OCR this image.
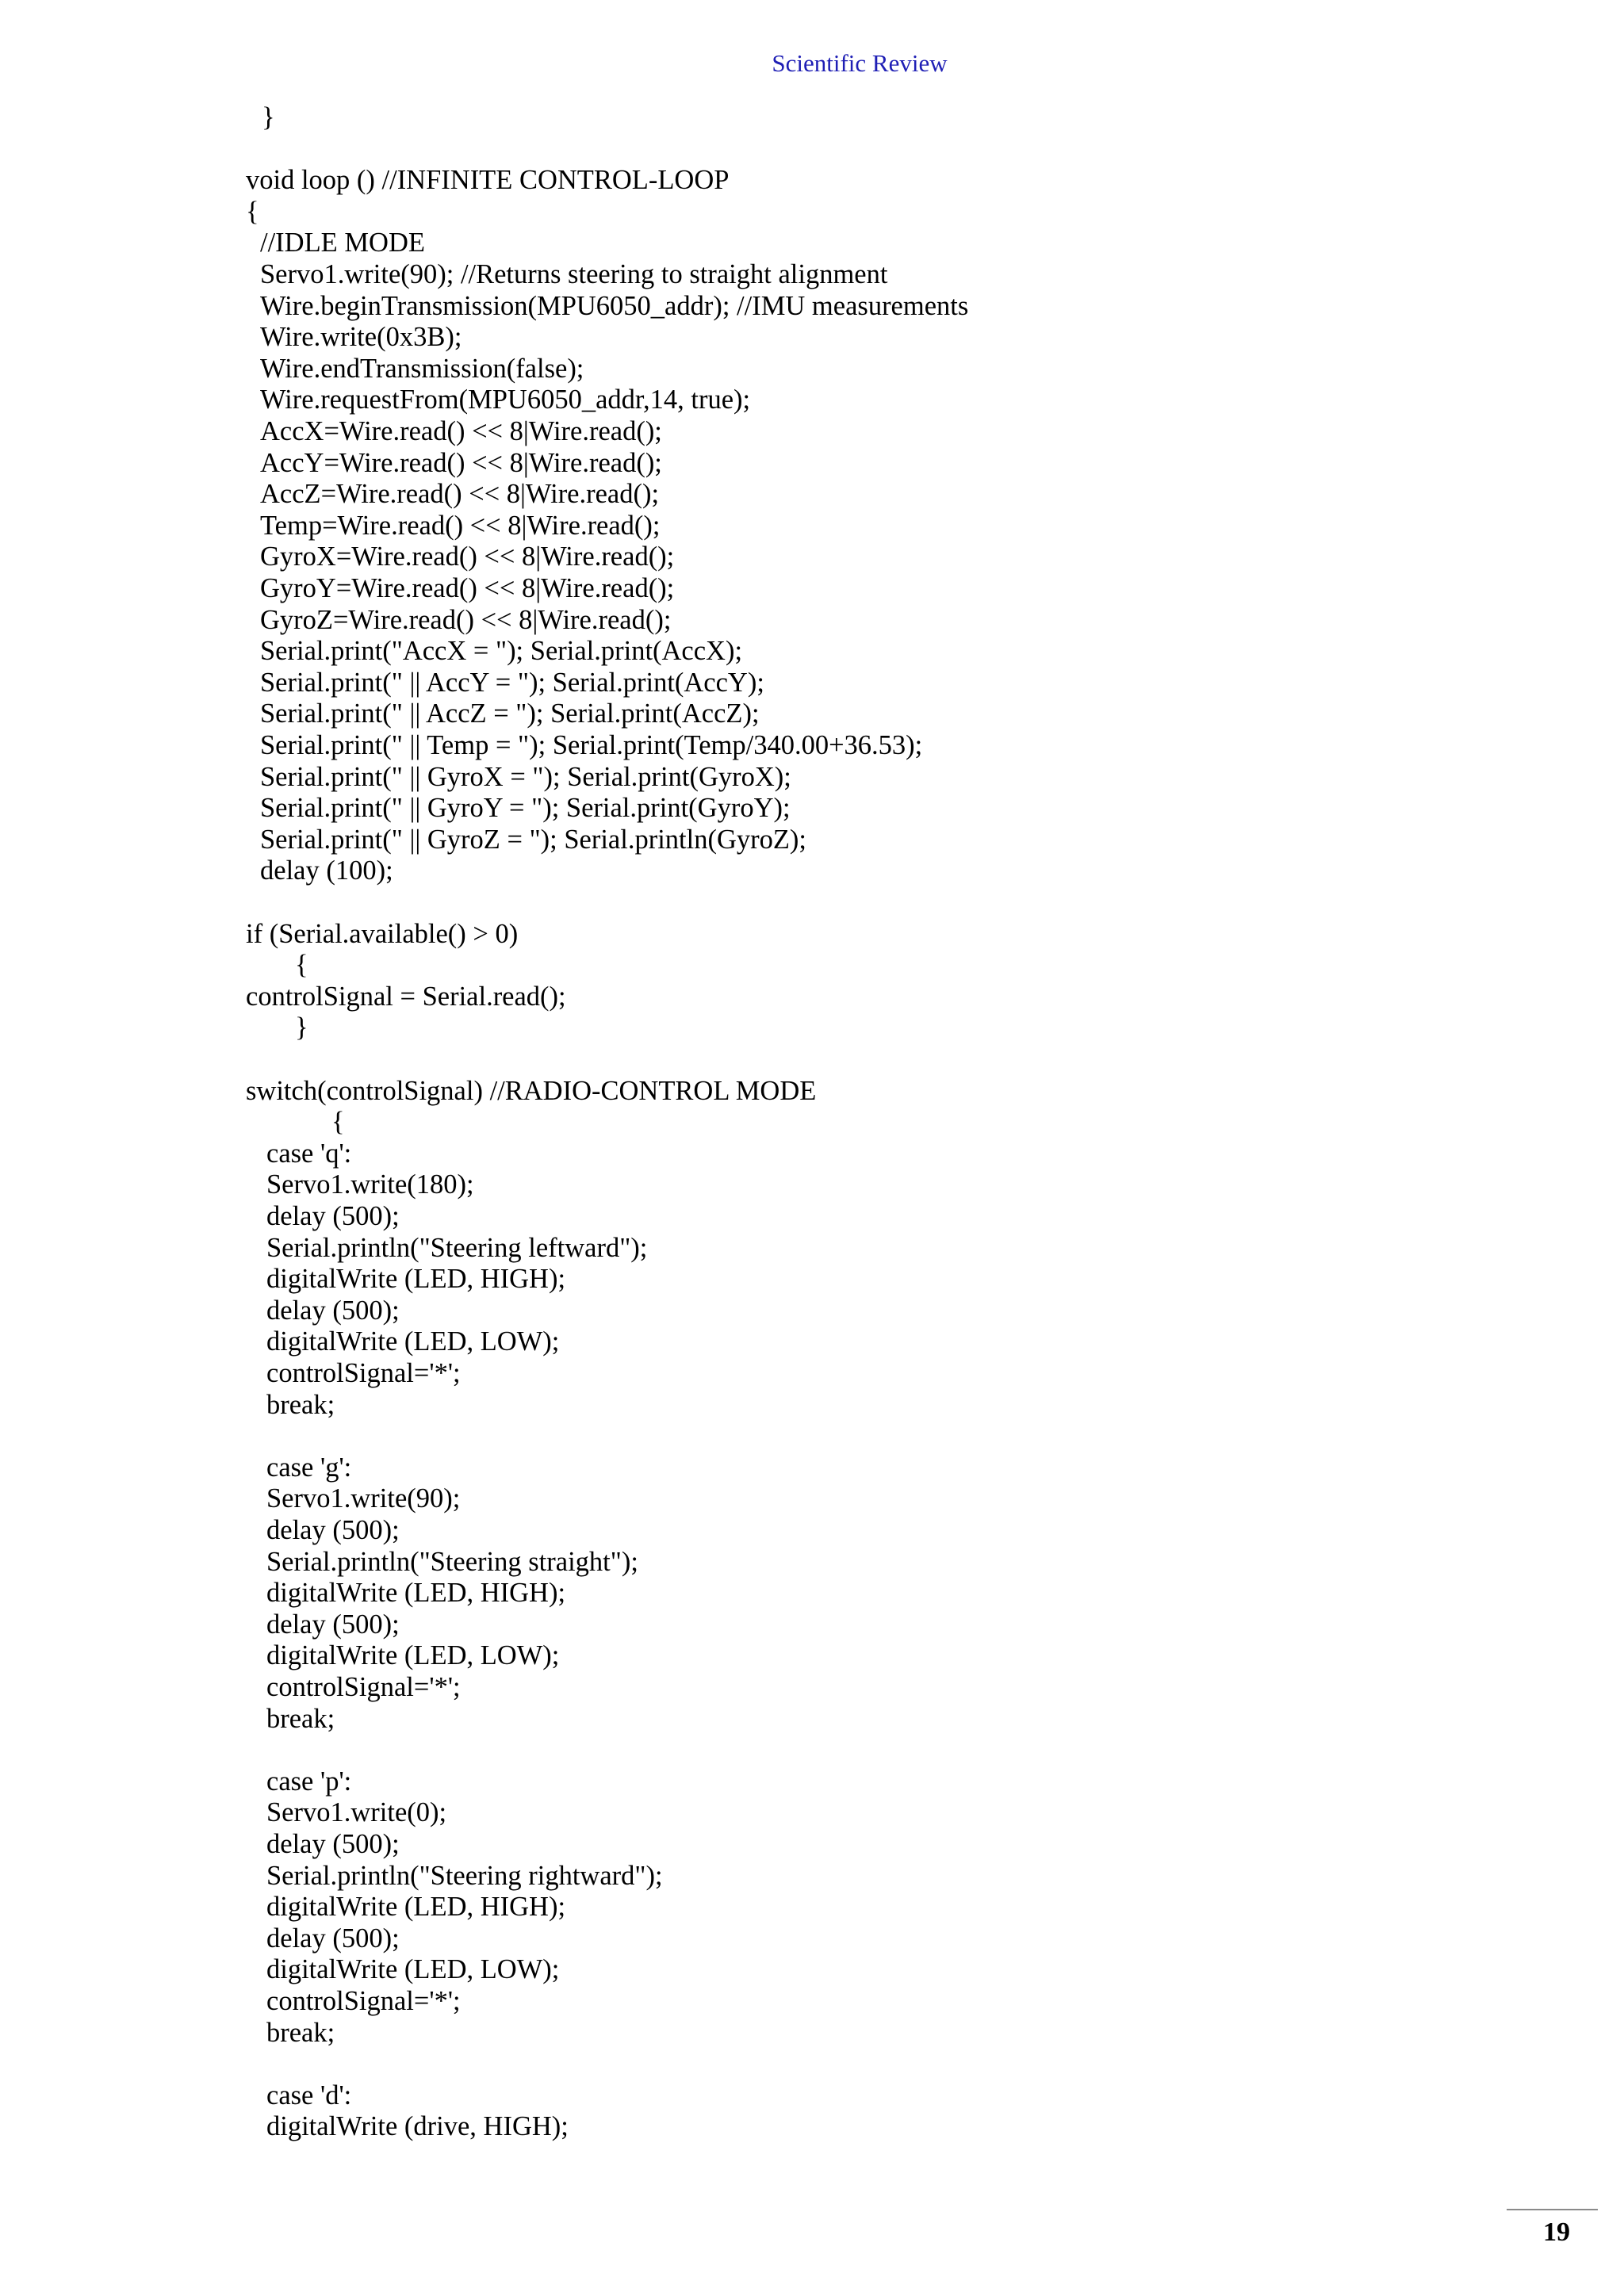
Scientific Review
}
void loop () //INFINITE CONTROL-LOOP
{
//IDLE MODE
Servo1.write(90); //Returns steering to straight alignment
Wire.beginTransmission(MPU6050_addr); //IMU measurements
Wire.write(0x3B);
Wire.endTransmission(false);
Wire.requestFrom(MPU6050_addr,14, true);
AccX=Wire.read() << 8|Wire.read();
AccY=Wire.read() << 8|Wire.read();
AccZ=Wire.read() << 8|Wire.read();
Temp=Wire.read() << 8|Wire.read();
GyroX=Wire.read() << 8|Wire.read();
GyroY=Wire.read() << 8|Wire.read();
GyroZ=Wire.read() << 8|Wire.read();
Serial.print("AccX = "); Serial.print(AccX);
Serial.print(" || AccY = "); Serial.print(AccY);
Serial.print(" || AccZ = "); Serial.print(AccZ);
Serial.print(" || Temp = "); Serial.print(Temp/340.00+36.53);
Serial.print(" || GyroX = "); Serial.print(GyroX);
Serial.print(" || GyroY = "); Serial.print(GyroY);
Serial.print(" || GyroZ = "); Serial.println(GyroZ);
delay (100);
if (Serial.available() > 0)
{
controlSignal = Serial.read();
}
switch(controlSignal) //RADIO-CONTROL MODE
{
case 'q':
Servo1.write(180);
delay (500);
Serial.println("Steering leftward");
digitalWrite (LED, HIGH);
delay (500);
digitalWrite (LED, LOW);
controlSignal='*';
break;
case 'g':
Servo1.write(90);
delay (500);
Serial.println("Steering straight");
digitalWrite (LED, HIGH);
delay (500);
digitalWrite (LED, LOW);
controlSignal='*';
break;
case 'p':
Servo1.write(0);
delay (500);
Serial.println("Steering rightward");
digitalWrite (LED, HIGH);
delay (500);
digitalWrite (LED, LOW);
controlSignal='*';
break;
case 'd':
digitalWrite (drive, HIGH);
19
